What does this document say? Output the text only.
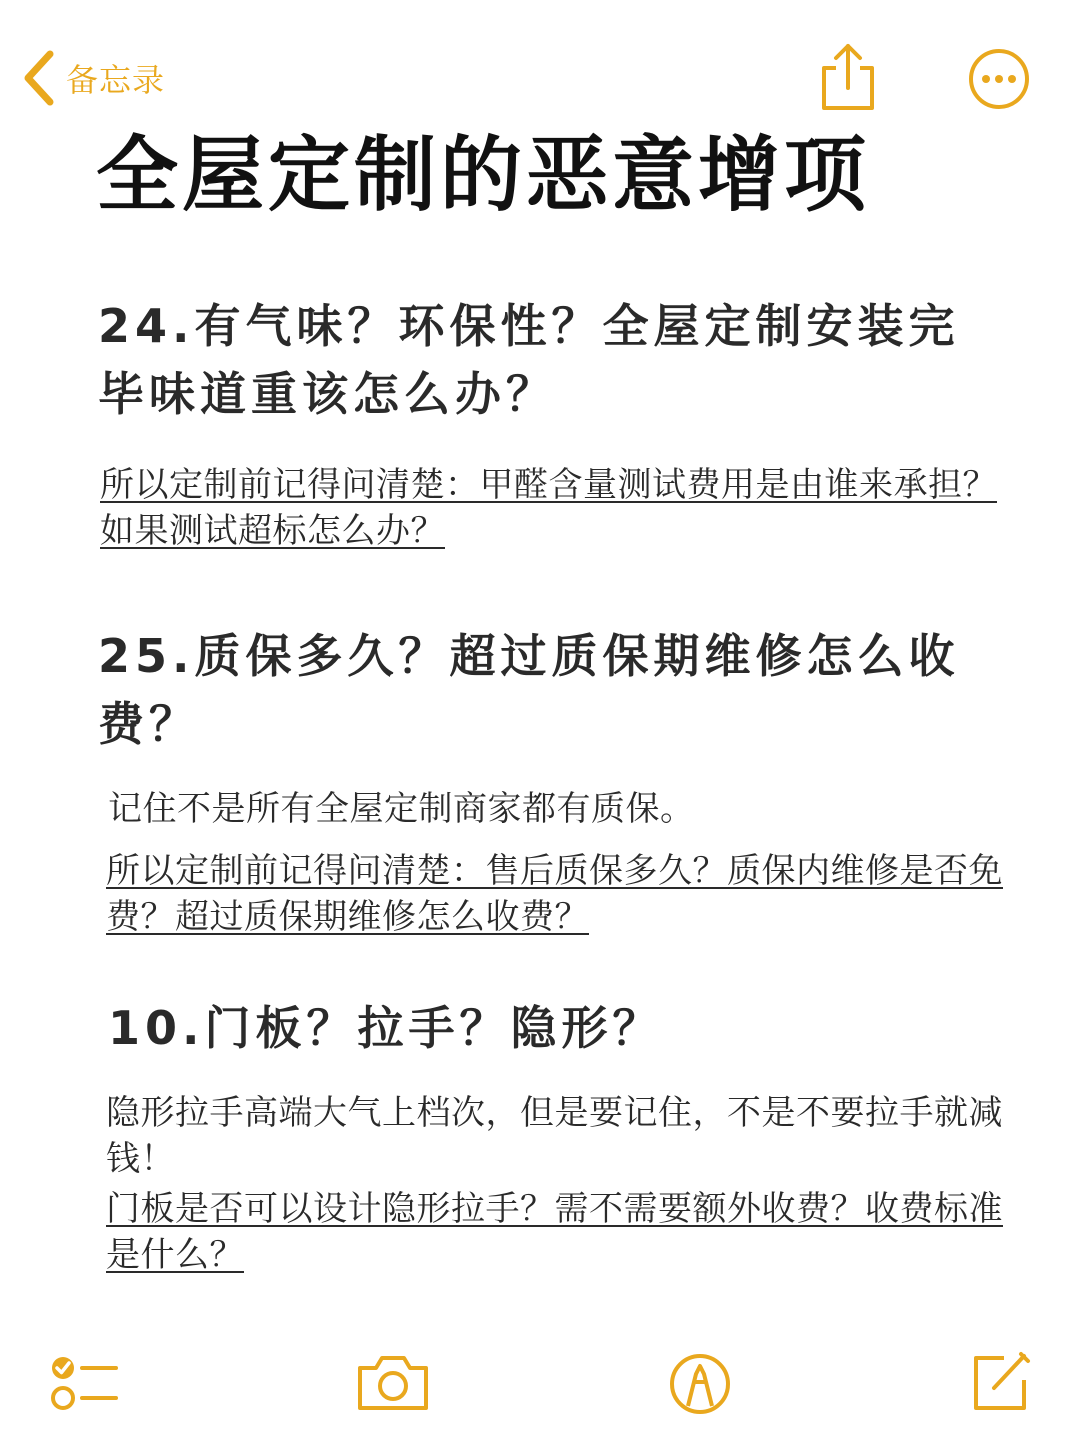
备忘录
全屋定制的恶意增项
24.有气味？环保性？全屋定制安装完毕味道重该怎么办？
所以定制前记得问清楚：甲醛含量测试费用是由谁来承担？如果测试超标怎么办？
25.质保多久？超过质保期维修怎么收费？
记住不是所有全屋定制商家都有质保。
所以定制前记得问清楚：售后质保多久？质保内维修是否免费？超过质保期维修怎么收费？
10.门板？拉手？隐形？
隐形拉手高端大气上档次，但是要记住，不是不要拉手就减钱！
门板是否可以设计隐形拉手？需不需要额外收费？收费标准是什么？
